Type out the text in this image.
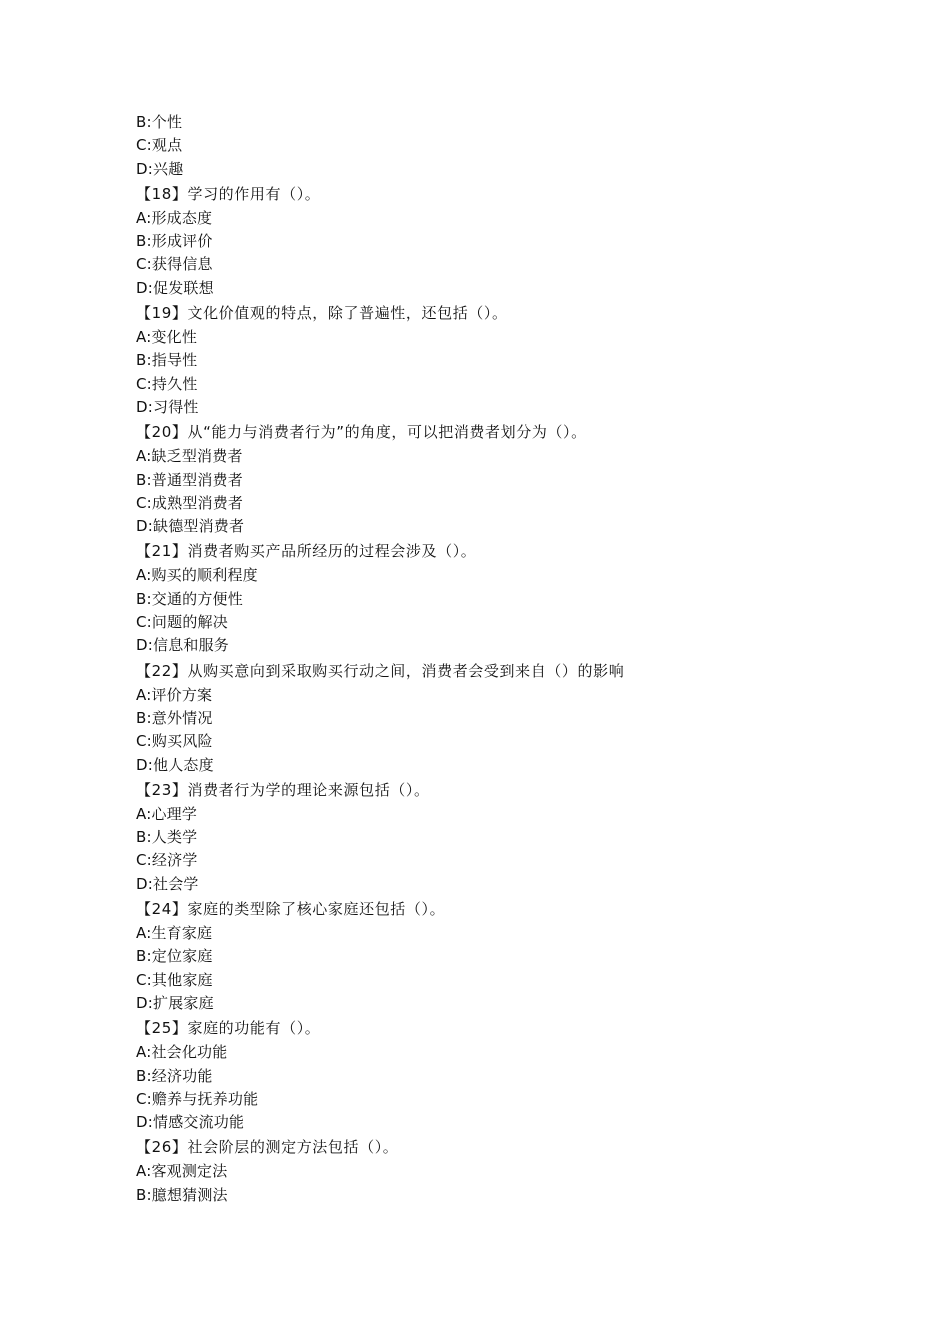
B:个性
C:观点
D:兴趣
【18】学习的作用有（）。
A:形成态度
B:形成评价
C:获得信息
D:促发联想
【19】文化价值观的特点，除了普遍性，还包括（）。
A:变化性
B:指导性
C:持久性
D:习得性
【20】从“能力与消费者行为”的角度，可以把消费者划分为（）。
A:缺乏型消费者
B:普通型消费者
C:成熟型消费者
D:缺德型消费者
【21】消费者购买产品所经历的过程会涉及（）。
A:购买的顺利程度
B:交通的方便性
C:问题的解决
D:信息和服务
【22】从购买意向到采取购买行动之间，消费者会受到来自（）的影响
A:评价方案
B:意外情况
C:购买风险
D:他人态度
【23】消费者行为学的理论来源包括（）。
A:心理学
B:人类学
C:经济学
D:社会学
【24】家庭的类型除了核心家庭还包括（）。
A:生育家庭
B:定位家庭
C:其他家庭
D:扩展家庭
【25】家庭的功能有（）。
A:社会化功能
B:经济功能
C:赡养与抚养功能
D:情感交流功能
【26】社会阶层的测定方法包括（）。
A:客观测定法
B:臆想猜测法
